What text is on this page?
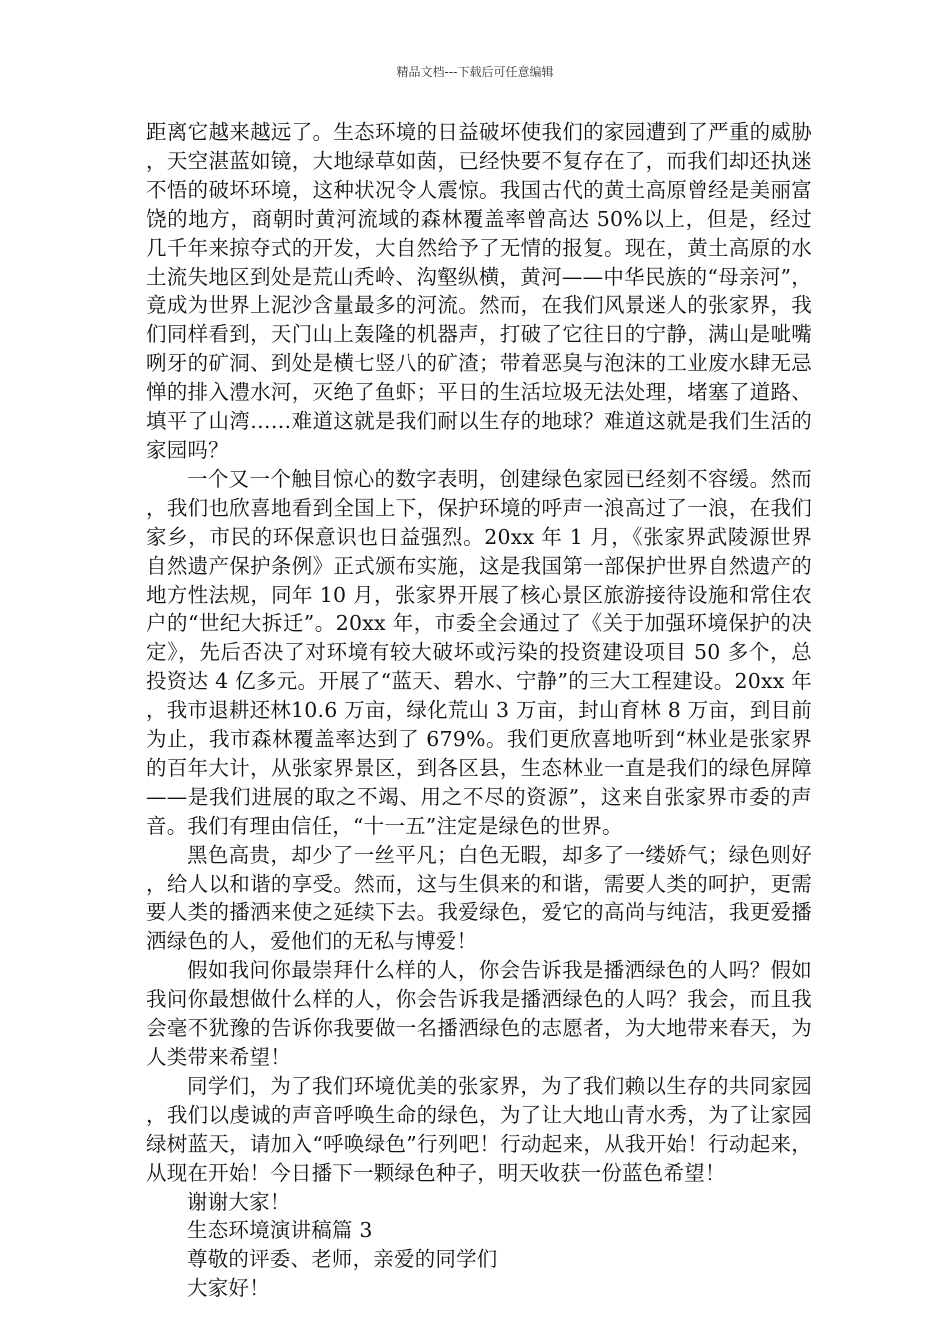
精品文档---下载后可任意编辑

距离它越来越远了。生态环境的日益破坏使我们的家园遭到了严重的威胁，天空湛蓝如镜，大地绿草如茵，已经快要不复存在了，而我们却还执迷不悟的破坏环境，这种状况令人震惊。我国古代的黄土高原曾经是美丽富饶的地方，商朝时黄河流域的森林覆盖率曾高达 50%以上，但是，经过几千年来掠夺式的开发，大自然给予了无情的报复。现在，黄土高原的水土流失地区到处是荒山秃岭、沟壑纵横，黄河——中华民族的“母亲河”，竟成为世界上泥沙含量最多的河流。然而，在我们风景迷人的张家界，我们同样看到，天门山上轰隆的机器声，打破了它往日的宁静，满山是呲嘴咧牙的矿洞、到处是横七竖八的矿渣；带着恶臭与泡沫的工业废水肆无忌惮的排入澧水河，灭绝了鱼虾；平日的生活垃圾无法处理，堵塞了道路、填平了山湾……难道这就是我们耐以生存的地球？难道这就是我们生活的家园吗？

一个又一个触目惊心的数字表明，创建绿色家园已经刻不容缓。然而，我们也欣喜地看到全国上下，保护环境的呼声一浪高过了一浪，在我们家乡，市民的环保意识也日益强烈。20xx 年 1 月，《张家界武陵源世界自然遗产保护条例》正式颁布实施，这是我国第一部保护世界自然遗产的地方性法规，同年 10 月，张家界开展了核心景区旅游接待设施和常住农户的“世纪大拆迁”。20xx 年，市委全会通过了《关于加强环境保护的决定》，先后否决了对环境有较大破坏或污染的投资建设项目 50 多个，总投资达 4 亿多元。开展了“蓝天、碧水、宁静”的三大工程建设。20xx 年，我市退耕还林10.6 万亩，绿化荒山 3 万亩，封山育林 8 万亩，到目前为止，我市森林覆盖率达到了 679%。我们更欣喜地听到“林业是张家界的百年大计，从张家界景区，到各区县，生态林业一直是我们的绿色屏障——是我们进展的取之不竭、用之不尽的资源”，这来自张家界市委的声音。我们有理由信任，“十一五”注定是绿色的世界。

黑色高贵，却少了一丝平凡；白色无暇，却多了一缕娇气；绿色则好，给人以和谐的享受。然而，这与生俱来的和谐，需要人类的呵护，更需要人类的播洒来使之延续下去。我爱绿色，爱它的高尚与纯洁，我更爱播洒绿色的人，爱他们的无私与博爱！

假如我问你最崇拜什么样的人，你会告诉我是播洒绿色的人吗？假如我问你最想做什么样的人，你会告诉我是播洒绿色的人吗？我会，而且我会毫不犹豫的告诉你我要做一名播洒绿色的志愿者，为大地带来春天，为人类带来希望！

同学们，为了我们环境优美的张家界，为了我们赖以生存的共同家园，我们以虔诚的声音呼唤生命的绿色，为了让大地山青水秀，为了让家园绿树蓝天，请加入“呼唤绿色”行列吧！行动起来，从我开始！行动起来，从现在开始！今日播下一颗绿色种子，明天收获一份蓝色希望！

谢谢大家！

生态环境演讲稿篇 3

尊敬的评委、老师，亲爱的同学们

大家好！
